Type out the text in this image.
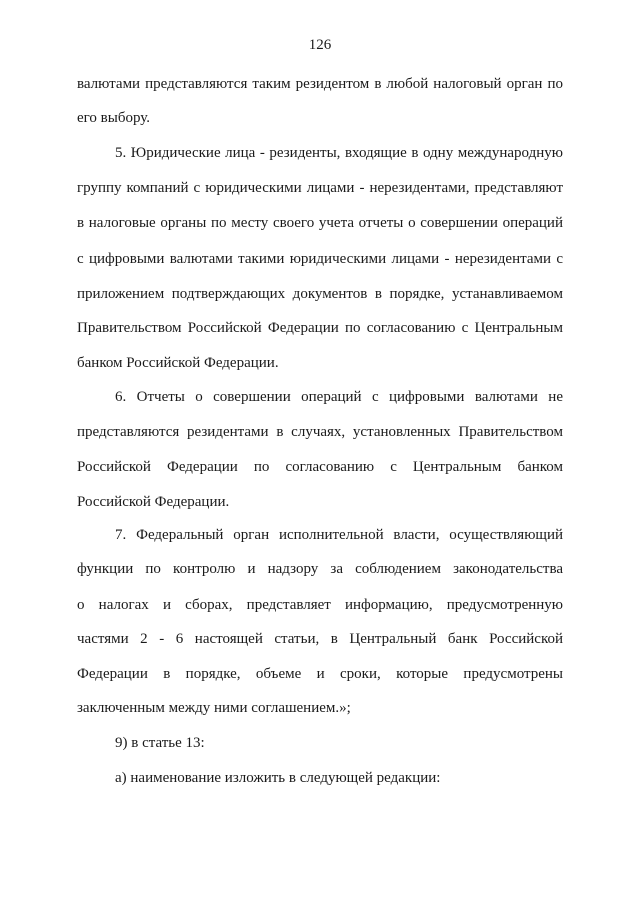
126
валютами представляются таким резидентом в любой налоговый орган по
его выбору.
5. Юридические лица - резиденты, входящие в одну международную
группу компаний с юридическими лицами - нерезидентами, представляют
в налоговые органы по месту своего учета отчеты о совершении операций
с цифровыми валютами такими юридическими лицами - нерезидентами с
приложением подтверждающих документов в порядке, устанавливаемом
Правительством Российской Федерации по согласованию с Центральным
банком Российской Федерации.
6. Отчеты о совершении операций с цифровыми валютами не
представляются резидентами в случаях, установленных Правительством
Российской Федерации по согласованию с Центральным банком
Российской Федерации.
7. Федеральный орган исполнительной власти, осуществляющий
функции по контролю и надзору за соблюдением законодательства
о налогах и сборах, представляет информацию, предусмотренную
частями 2 - 6 настоящей статьи, в Центральный банк Российской
Федерации в порядке, объеме и сроки, которые предусмотрены
заключенным между ними соглашением.»;
9) в статье 13:
а) наименование изложить в следующей редакции:
